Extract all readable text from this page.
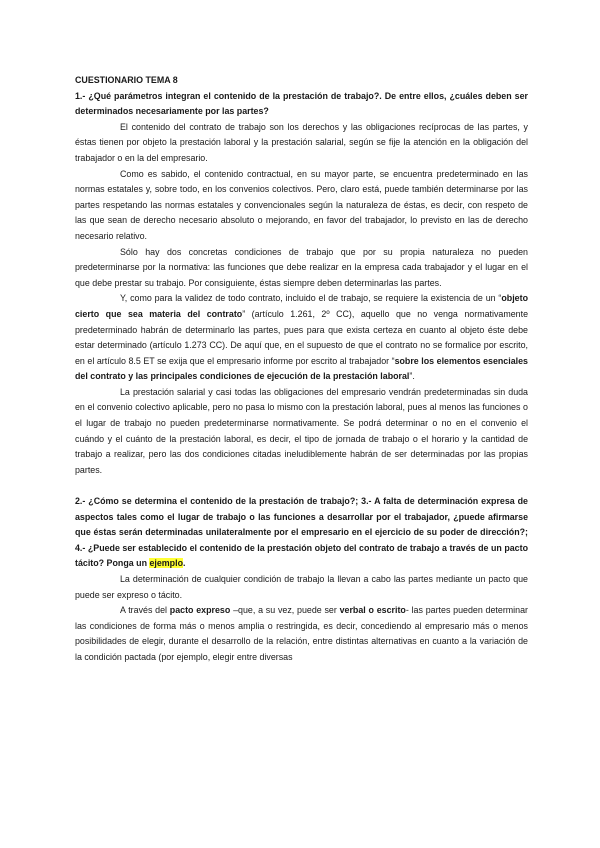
CUESTIONARIO TEMA 8

1.- ¿Qué parámetros integran el contenido de la prestación de trabajo?. De entre ellos, ¿cuáles deben ser determinados necesariamente por las partes?

El contenido del contrato de trabajo son los derechos y las obligaciones recíprocas de las partes, y éstas tienen por objeto la prestación laboral y la prestación salarial, según se fije la atención en la obligación del trabajador o en la del empresario.

Como es sabido, el contenido contractual, en su mayor parte, se encuentra predeterminado en las normas estatales y, sobre todo, en los convenios colectivos. Pero, claro está, puede también determinarse por las partes respetando las normas estatales y convencionales según la naturaleza de éstas, es decir, con respeto de las que sean de derecho necesario absoluto o mejorando, en favor del trabajador, lo previsto en las de derecho necesario relativo.

Sólo hay dos concretas condiciones de trabajo que por su propia naturaleza no pueden predeterminarse por la normativa: las funciones que debe realizar en la empresa cada trabajador y el lugar en el que debe prestar su trabajo. Por consiguiente, éstas siempre deben determinarlas las partes.

Y, como para la validez de todo contrato, incluido el de trabajo, se requiere la existencia de un “objeto cierto que sea materia del contrato” (artículo 1.261, 2º CC), aquello que no venga normativamente predeterminado habrán de determinarlo las partes, pues para que exista certeza en cuanto al objeto éste debe estar determinado (artículo 1.273 CC). De aquí que, en el supuesto de que el contrato no se formalice por escrito, en el artículo 8.5 ET se exija que el empresario informe por escrito al trabajador “sobre los elementos esenciales del contrato y las principales condiciones de ejecución de la prestación laboral”.

La prestación salarial y casi todas las obligaciones del empresario vendrán predeterminadas sin duda en el convenio colectivo aplicable, pero no pasa lo mismo con la prestación laboral, pues al menos las funciones o el lugar de trabajo no pueden predeterminarse normativamente. Se podrá determinar o no en el convenio el cuándo y el cuánto de la prestación laboral, es decir, el tipo de jornada de trabajo o el horario y la cantidad de trabajo a realizar, pero las dos condiciones citadas ineludiblemente habrán de ser determinadas por las propias partes.

2.- ¿Cómo se determina el contenido de la prestación de trabajo?; 3.- A falta de determinación expresa de aspectos tales como el lugar de trabajo o las funciones a desarrollar por el trabajador, ¿puede afirmarse que éstas serán determinadas unilateralmente por el empresario en el ejercicio de su poder de dirección?; 4.- ¿Puede ser establecido el contenido de la prestación objeto del contrato de trabajo a través de un pacto tácito? Ponga un ejemplo.

La determinación de cualquier condición de trabajo la llevan a cabo las partes mediante un pacto que puede ser expreso o tácito.

A través del pacto expreso –que, a su vez, puede ser verbal o escrito- las partes pueden determinar las condiciones de forma más o menos amplia o restringida, es decir, concediendo al empresario más o menos posibilidades de elegir, durante el desarrollo de la relación, entre distintas alternativas en cuanto a la variación de la condición pactada (por ejemplo, elegir entre diversas
